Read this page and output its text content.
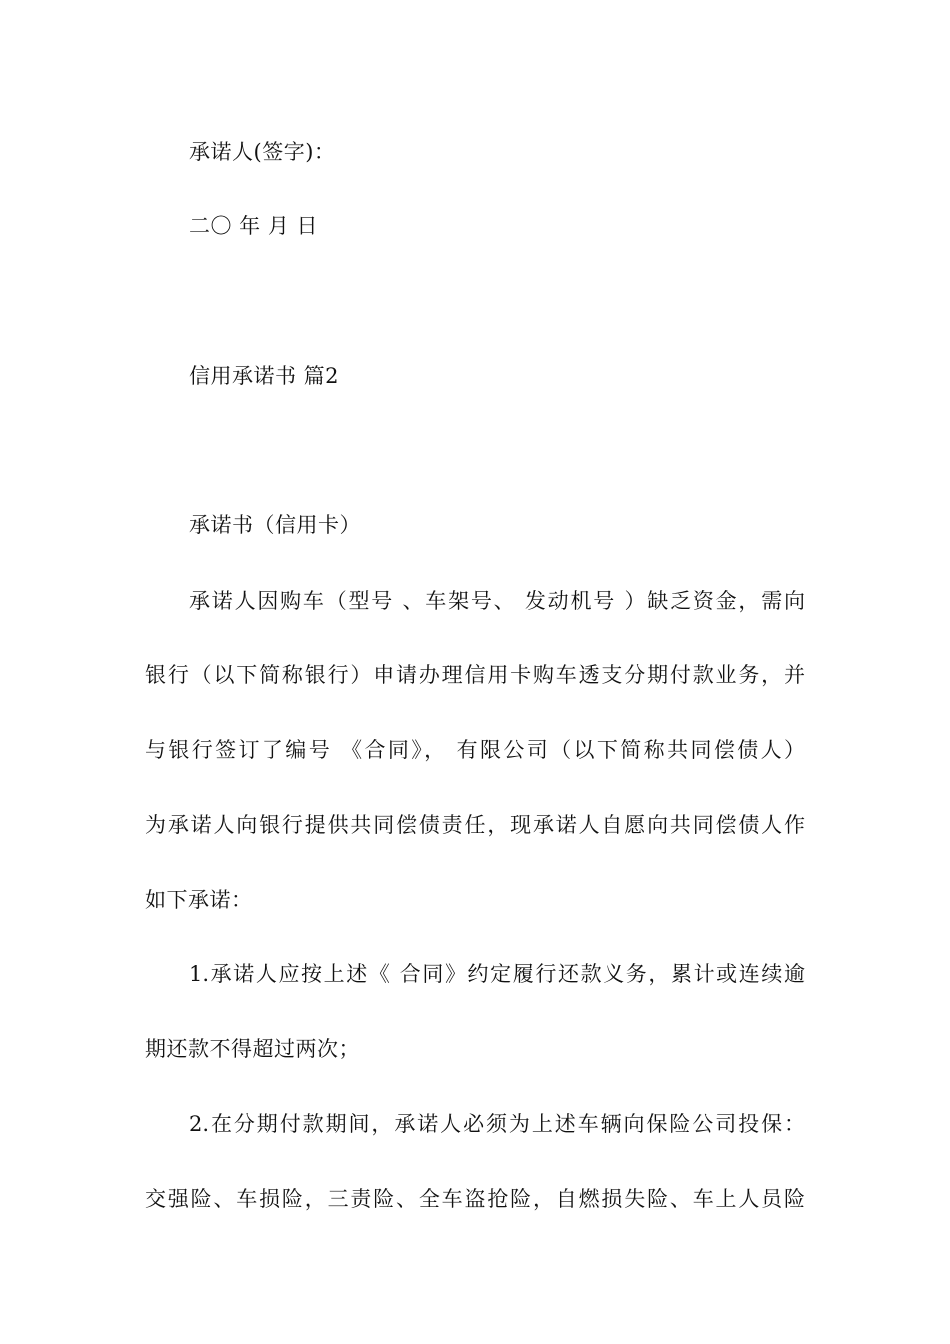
承诺人(签字)：
二〇 年 月 日
信用承诺书 篇2
承诺书（信用卡）
承诺人因购车（型号 、车架号、 发动机号 ）缺乏资金，需向
银行（以下简称银行）申请办理信用卡购车透支分期付款业务，并
与银行签订了编号 《合同》， 有限公司（以下简称共同偿债人）
为承诺人向银行提供共同偿债责任，现承诺人自愿向共同偿债人作
如下承诺：
1.承诺人应按上述《 合同》约定履行还款义务，累计或连续逾
期还款不得超过两次；
2.在分期付款期间，承诺人必须为上述车辆向保险公司投保：
交强险、车损险，三责险、全车盗抢险，自燃损失险、车上人员险
